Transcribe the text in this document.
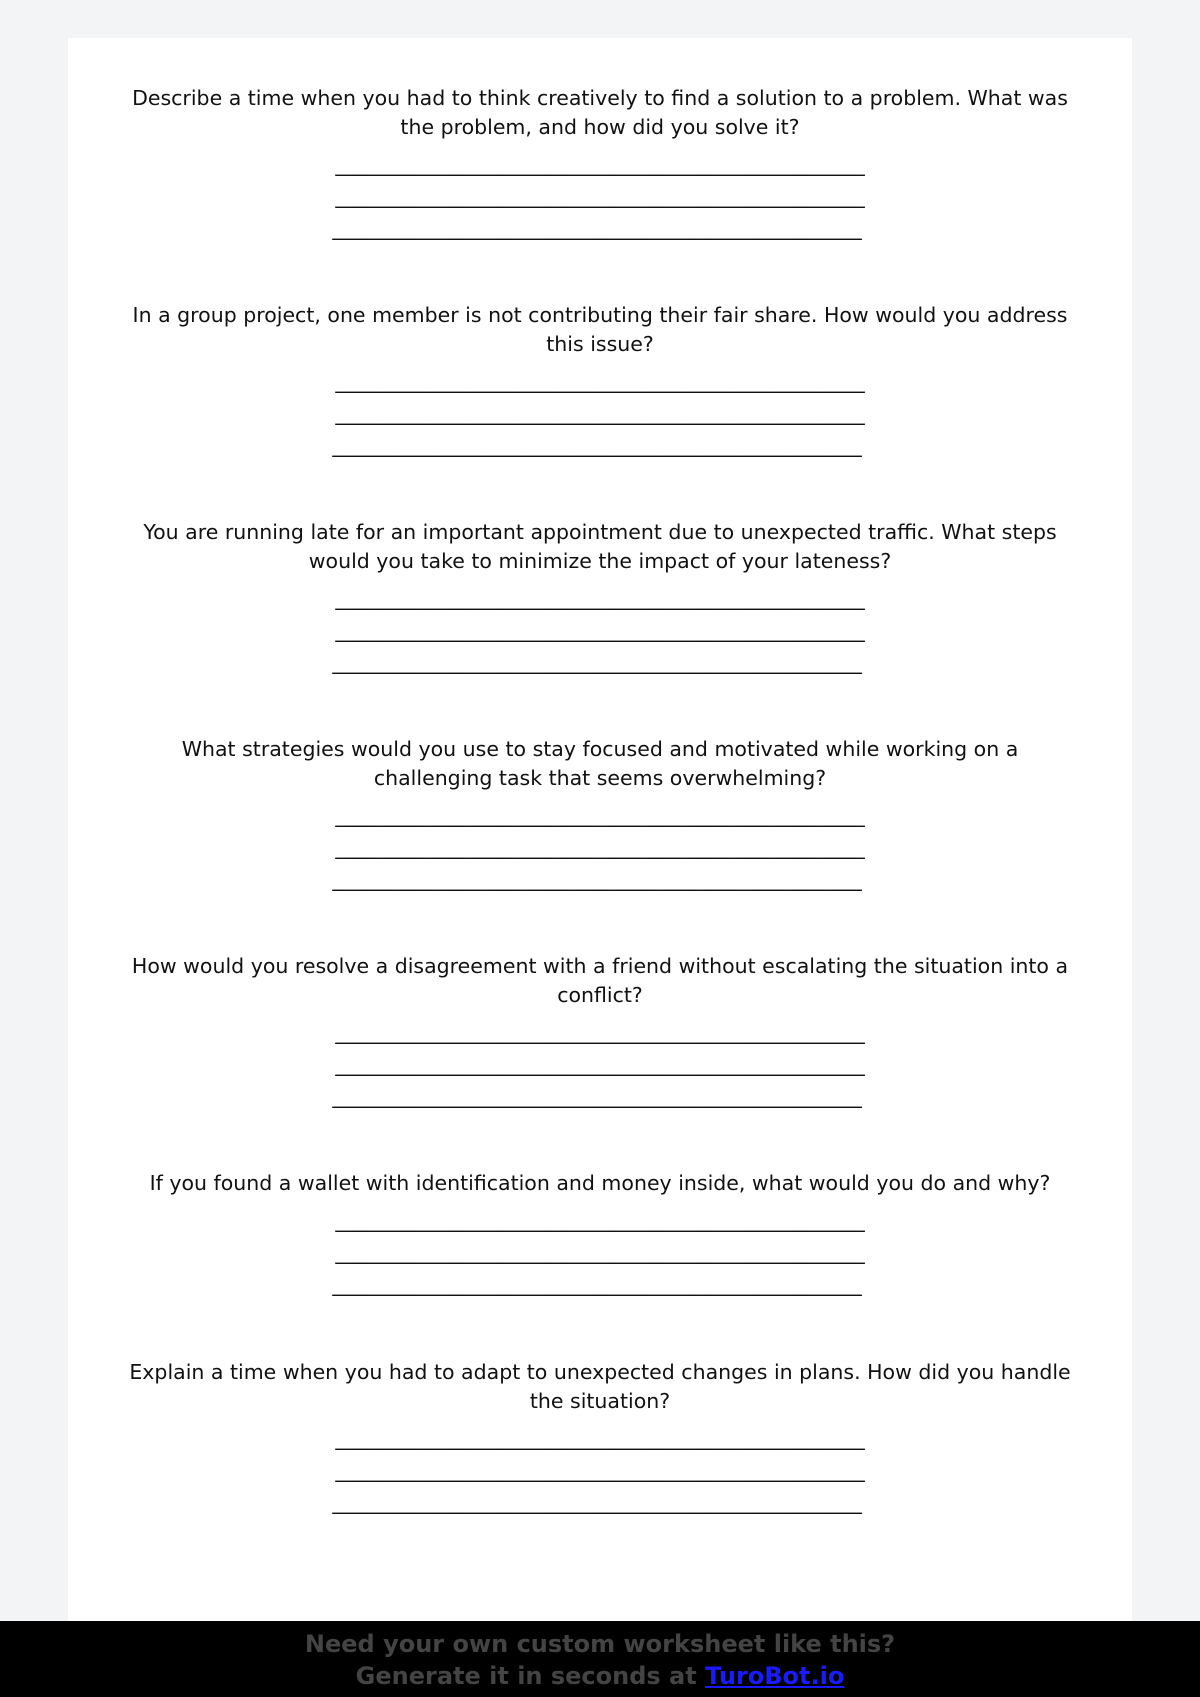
Describe a time when you had to think creatively to find a solution to a problem. What was the problem, and how did you solve it?
______________________________________________________
______________________________________________________
______________________________________________________
In a group project, one member is not contributing their fair share. How would you address this issue?
______________________________________________________
______________________________________________________
______________________________________________________
You are running late for an important appointment due to unexpected traffic. What steps would you take to minimize the impact of your lateness?
______________________________________________________
______________________________________________________
______________________________________________________
What strategies would you use to stay focused and motivated while working on a challenging task that seems overwhelming?
______________________________________________________
______________________________________________________
______________________________________________________
How would you resolve a disagreement with a friend without escalating the situation into a conflict?
______________________________________________________
______________________________________________________
______________________________________________________
If you found a wallet with identification and money inside, what would you do and why?
______________________________________________________
______________________________________________________
______________________________________________________
Explain a time when you had to adapt to unexpected changes in plans. How did you handle the situation?
______________________________________________________
______________________________________________________
______________________________________________________
Need your own custom worksheet like this?
Generate it in seconds at TuroBot.io
